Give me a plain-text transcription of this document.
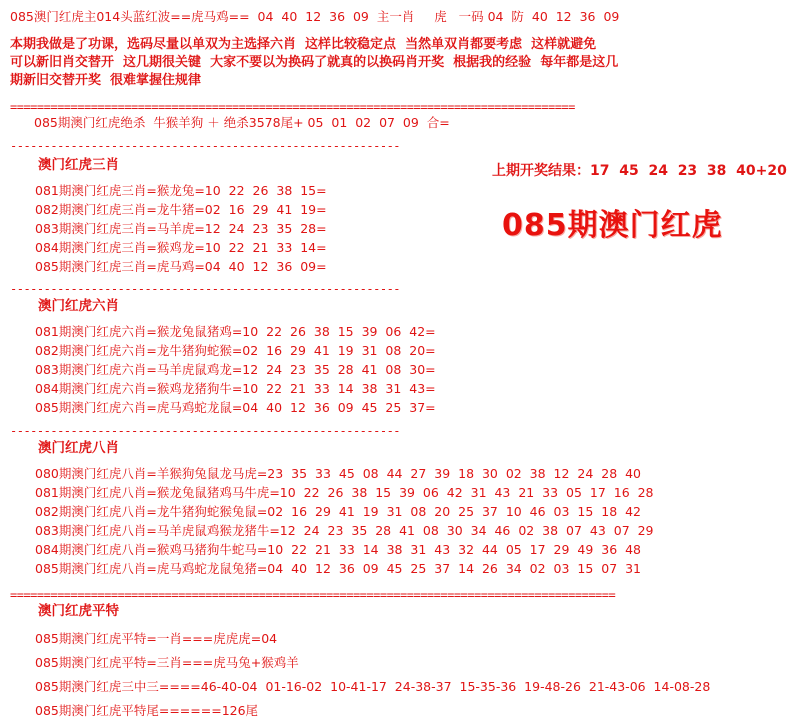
085澳门红虎主014头蓝红波==虎马鸡==  04  40  12  36  09  主一肖     虎   一码 04  防  40  12  36  09
本期我做是了功课，选码尽量以单双为主选择六肖  这样比较稳定点  当然单双肖都要考虑  这样就避免
可以新旧肖交替开  这几期很关键  大家不要以为换码了就真的以换码肖开奖  根据我的经验  每年都是这几
期新旧交替开奖  很难掌握住规律
====================================================================================
085期澳门红虎绝杀  牛猴羊狗 ＋ 绝杀3578尾+ 05  01  02  07  09  合=
----------------------------------------------------------
澳门红虎三肖
081期澳门红虎三肖=猴龙兔=10  22  26  38  15=
082期澳门红虎三肖=龙牛猪=02  16  29  41  19=
083期澳门红虎三肖=马羊虎=12  24  23  35  28=
084期澳门红虎三肖=猴鸡龙=10  22  21  33  14=
085期澳门红虎三肖=虎马鸡=04  40  12  36  09=
----------------------------------------------------------
澳门红虎六肖
081期澳门红虎六肖=猴龙兔鼠猪鸡=10  22  26  38  15  39  06  42=
082期澳门红虎六肖=龙牛猪狗蛇猴=02  16  29  41  19  31  08  20=
083期澳门红虎六肖=马羊虎鼠鸡龙=12  24  23  35  28  41  08  30=
084期澳门红虎六肖=猴鸡龙猪狗牛=10  22  21  33  14  38  31  43=
085期澳门红虎六肖=虎马鸡蛇龙鼠=04  40  12  36  09  45  25  37=
----------------------------------------------------------
澳门红虎八肖
080期澳门红虎八肖=羊猴狗兔鼠龙马虎=23  35  33  45  08  44  27  39  18  30  02  38  12  24  28  40
081期澳门红虎八肖=猴龙兔鼠猪鸡马牛虎=10  22  26  38  15  39  06  42  31  43  21  33  05  17  16  28
082期澳门红虎八肖=龙牛猪狗蛇猴兔鼠=02  16  29  41  19  31  08  20  25  37  10  46  03  15  18  42
083期澳门红虎八肖=马羊虎鼠鸡猴龙猪牛=12  24  23  35  28  41  08  30  34  46  02  38  07  43  07  29
084期澳门红虎八肖=猴鸡马猪狗牛蛇马=10  22  21  33  14  38  31  43  32  44  05  17  29  49  36  48
085期澳门红虎八肖=虎马鸡蛇龙鼠兔猪=04  40  12  36  09  45  25  37  14  26  34  02  03  15  07  31
==========================================================================================
澳门红虎平特
085期澳门红虎平特=一肖===虎虎虎=04
085期澳门红虎平特=三肖===虎马兔+猴鸡羊
085期澳门红虎三中三====46-40-04  01-16-02  10-41-17  24-38-37  15-35-36  19-48-26  21-43-06  14-08-28
085期澳门红虎平特尾======126尾
上期开奖结果：17  45  24  23  38  40+20
085期澳门红虎
